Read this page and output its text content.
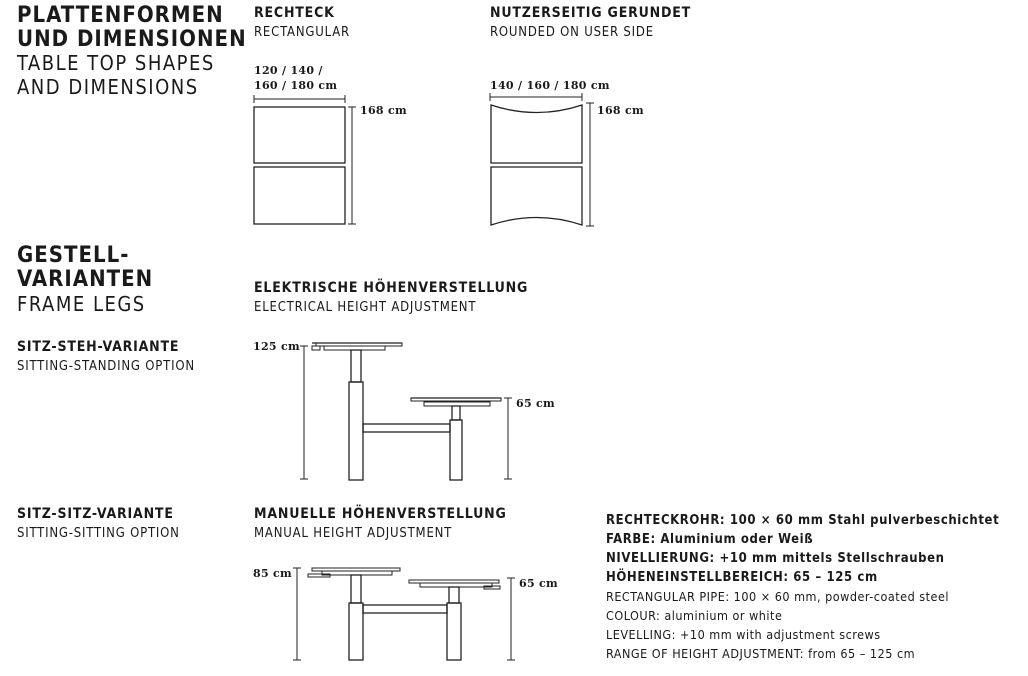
PLATTENFORMEN
UND DIMENSIONEN
TABLE TOP SHAPES
AND DIMENSIONS
RECHTECK
RECTANGULAR
120 / 140 /
160 / 180 cm
168 cm
NUTZERSEITIG GERUNDET
ROUNDED ON USER SIDE
140 / 160 / 180 cm
168 cm
GESTELL-
VARIANTEN
FRAME LEGS
ELEKTRISCHE HÖHENVERSTELLUNG
ELECTRICAL HEIGHT ADJUSTMENT
SITZ-STEH-VARIANTE
SITTING-STANDING OPTION
125 cm
65 cm
SITZ-SITZ-VARIANTE
SITTING-SITTING OPTION
MANUELLE HÖHENVERSTELLUNG
MANUAL HEIGHT ADJUSTMENT
85 cm
65 cm
RECHTECKROHR: 100 × 60 mm Stahl pulverbeschichtet
FARBE: Aluminium oder Weiß
NIVELLIERUNG: +10 mm mittels Stellschrauben
HÖHENEINSTELLBEREICH: 65 – 125 cm
RECTANGULAR PIPE: 100 × 60 mm, powder-coated steel
COLOUR: aluminium or white
LEVELLING: +10 mm with adjustment screws
RANGE OF HEIGHT ADJUSTMENT: from 65 – 125 cm
